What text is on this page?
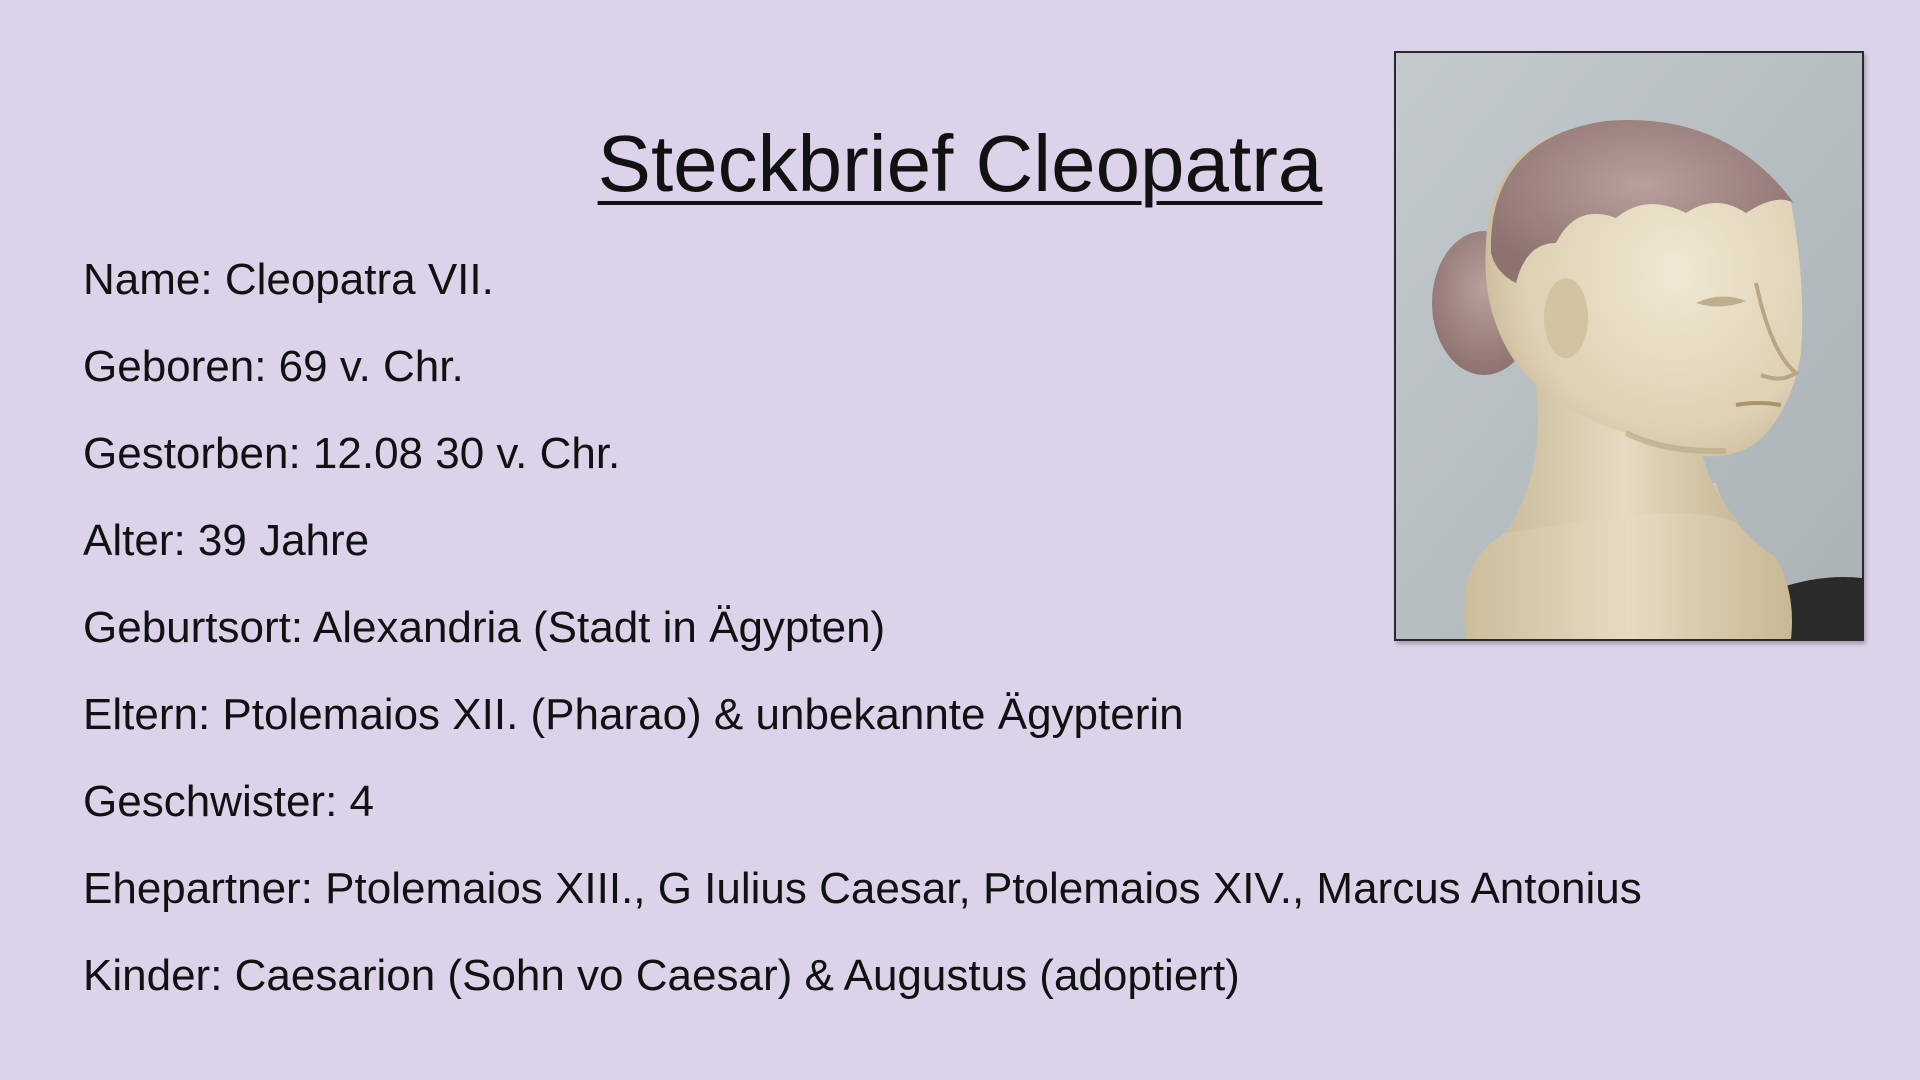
Steckbrief Cleopatra
Name: Cleopatra VII.
Geboren: 69 v. Chr.
Gestorben: 12.08 30 v. Chr.
Alter: 39 Jahre
Geburtsort: Alexandria (Stadt in Ägypten)
Eltern: Ptolemaios XII. (Pharao) & unbekannte Ägypterin
Geschwister: 4
Ehepartner: Ptolemaios XIII., G Iulius Caesar, Ptolemaios XIV., Marcus Antonius
Kinder: Caesarion (Sohn vo Caesar) & Augustus (adoptiert)
